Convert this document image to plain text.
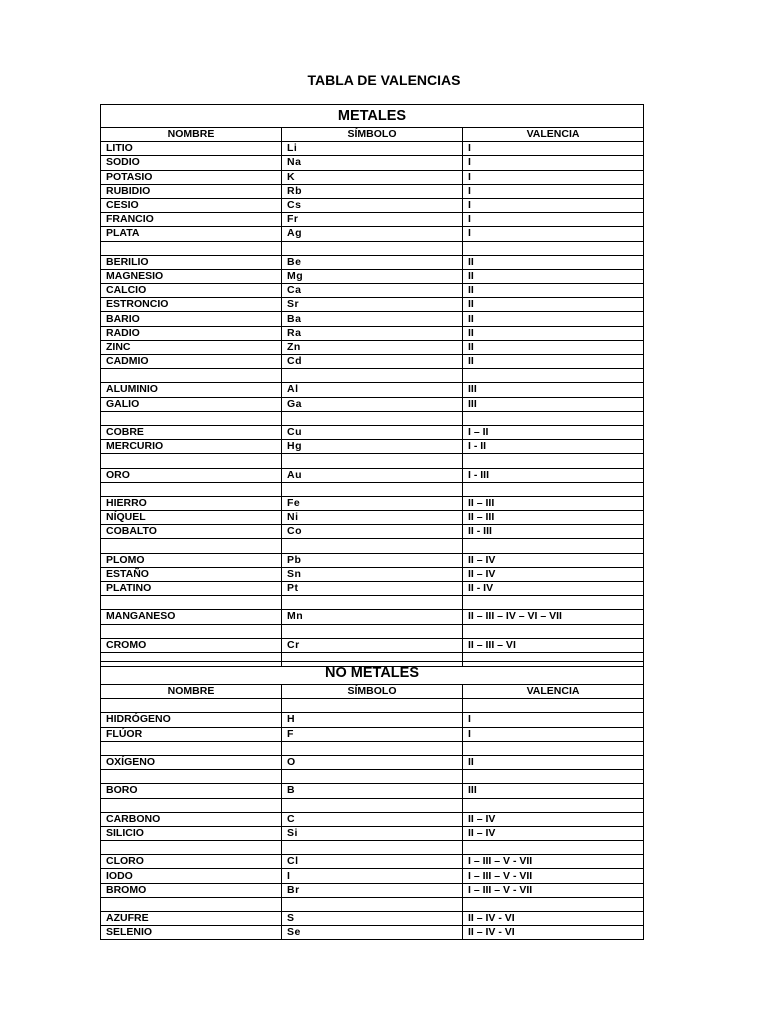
TABLA DE VALENCIAS
METALES		
NOMBRE	SÍMBOLO	VALENCIA
LITIO	Li	I
SODIO	Na	I
POTASIO	K	I
RUBIDIO	Rb	I
CESIO	Cs	I
FRANCIO	Fr	I
PLATA	Ag	I

BERILIO	Be	II
MAGNESIO	Mg	II
CALCIO	Ca	II
ESTRONCIO	Sr	II
BARIO	Ba	II
RADIO	Ra	II
ZINC	Zn	II
CADMIO	Cd	II

ALUMINIO	Al	III
GALIO	Ga	III

COBRE	Cu	I – II
MERCURIO	Hg	I - II

ORO	Au	I - III

HIERRO	Fe	II – III
NÍQUEL	Ni	II – III
COBALTO	Co	II - III

PLOMO	Pb	II – IV
ESTAÑO	Sn	II – IV
PLATINO	Pt	II - IV

MANGANESO	Mn	II – III – IV – VI – VII

CROMO	Cr	II – III – VI

NO METALES		
NOMBRE	SÍMBOLO	VALENCIA

HIDRÓGENO	H	I
FLÚOR	F	I

OXÍGENO	O	II

BORO	B	III

CARBONO	C	II – IV
SILICIO	Si	II – IV

CLORO	Cl	I – III – V - VII
IODO	I	I – III – V - VII
BROMO	Br	I – III – V - VII

AZUFRE	S	II – IV - VI
SELENIO	Se	II – IV - VI
